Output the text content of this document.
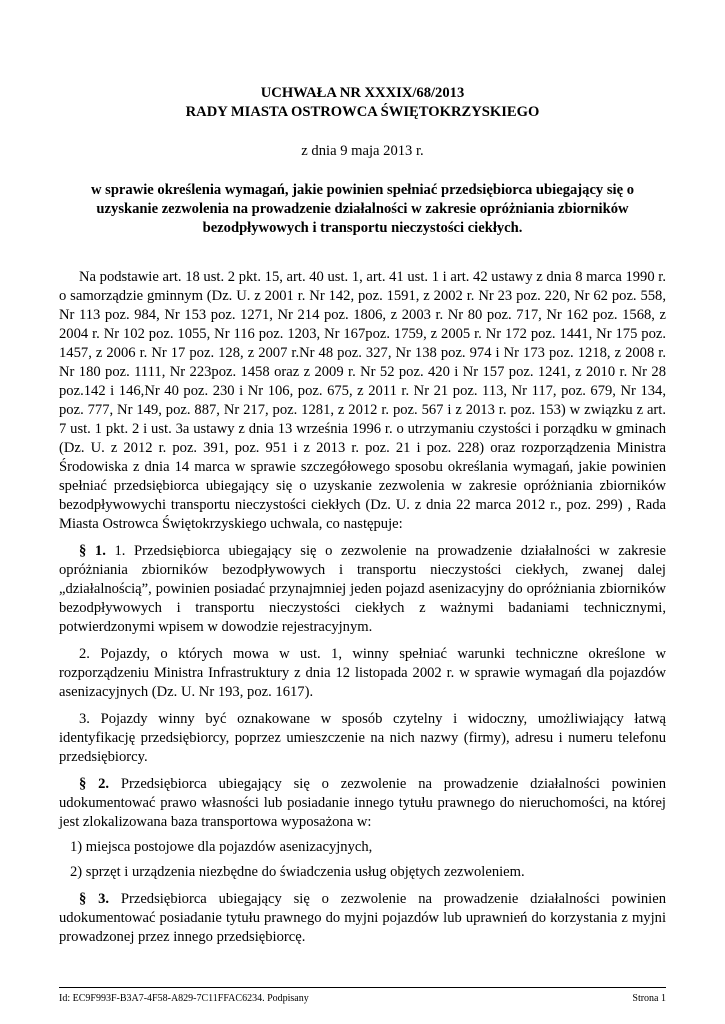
UCHWAŁA NR XXXIX/68/2013
RADY MIASTA OSTROWCA ŚWIĘTOKRZYSKIEGO
z dnia 9 maja 2013 r.
w sprawie określenia wymagań, jakie powinien spełniać przedsiębiorca ubiegający się o uzyskanie zezwolenia na prowadzenie działalności w zakresie opróżniania zbiorników bezodpływowych i transportu nieczystości ciekłych.
Na podstawie art. 18 ust. 2 pkt. 15, art. 40 ust. 1, art. 41 ust. 1 i art. 42 ustawy z dnia 8 marca 1990 r. o samorządzie gminnym (Dz. U. z 2001 r. Nr 142, poz. 1591, z 2002 r. Nr 23 poz. 220, Nr 62 poz. 558, Nr 113 poz. 984, Nr 153 poz. 1271, Nr 214 poz. 1806, z 2003 r. Nr 80 poz. 717, Nr 162 poz. 1568, z 2004 r. Nr 102 poz. 1055, Nr 116 poz. 1203, Nr 167poz. 1759, z 2005 r. Nr 172 poz. 1441, Nr 175 poz. 1457, z 2006 r. Nr 17 poz. 128, z 2007 r.Nr 48 poz. 327, Nr 138 poz. 974 i Nr 173 poz. 1218, z 2008 r. Nr 180 poz. 1111, Nr 223poz. 1458 oraz z 2009 r. Nr 52 poz. 420 i Nr 157 poz. 1241, z 2010 r. Nr 28 poz.142 i 146,Nr 40 poz. 230 i Nr 106, poz. 675, z 2011 r. Nr 21 poz. 113, Nr 117, poz. 679, Nr 134, poz. 777, Nr 149, poz. 887, Nr 217, poz. 1281, z 2012 r. poz. 567 i z 2013 r. poz. 153) w związku z art. 7 ust. 1 pkt. 2 i ust. 3a ustawy z dnia 13 września 1996 r. o utrzymaniu czystości i porządku w gminach (Dz. U. z 2012 r. poz. 391, poz. 951 i z 2013 r. poz. 21 i poz. 228) oraz rozporządzenia Ministra Środowiska z dnia 14 marca w sprawie szczegółowego sposobu określania wymagań, jakie powinien spełniać przedsiębiorca ubiegający się o uzyskanie zezwolenia w zakresie opróżniania zbiorników bezodpływowychi transportu nieczystości ciekłych (Dz. U. z dnia 22 marca 2012 r., poz. 299) , Rada Miasta Ostrowca Świętokrzyskiego uchwala, co następuje:
§ 1. 1. Przedsiębiorca ubiegający się o zezwolenie na prowadzenie działalności w zakresie opróżniania zbiorników bezodpływowych i transportu nieczystości ciekłych, zwanej dalej „działalnością”, powinien posiadać przynajmniej jeden pojazd asenizacyjny do opróżniania zbiorników bezodpływowych i transportu nieczystości ciekłych z ważnymi badaniami technicznymi, potwierdzonymi wpisem w dowodzie rejestracyjnym.
2. Pojazdy, o których mowa w ust. 1, winny spełniać warunki techniczne określone w rozporządzeniu Ministra Infrastruktury z dnia 12 listopada 2002 r. w sprawie wymagań dla pojazdów asenizacyjnych (Dz. U. Nr 193, poz. 1617).
3. Pojazdy winny być oznakowane w sposób czytelny i widoczny, umożliwiający łatwą identyfikację przedsiębiorcy, poprzez umieszczenie na nich nazwy (firmy), adresu i numeru telefonu przedsiębiorcy.
§ 2. Przedsiębiorca ubiegający się o zezwolenie na prowadzenie działalności powinien udokumentować prawo własności lub posiadanie innego tytułu prawnego do nieruchomości, na której jest zlokalizowana baza transportowa wyposażona w:
1) miejsca postojowe dla pojazdów asenizacyjnych,
2) sprzęt i urządzenia niezbędne do świadczenia usług objętych zezwoleniem.
§ 3. Przedsiębiorca ubiegający się o zezwolenie na prowadzenie działalności powinien udokumentować posiadanie tytułu prawnego do myjni pojazdów lub uprawnień do korzystania z myjni prowadzonej przez innego przedsiębiorcę.
Id: EC9F993F-B3A7-4F58-A829-7C11FFAC6234. Podpisany	Strona 1
